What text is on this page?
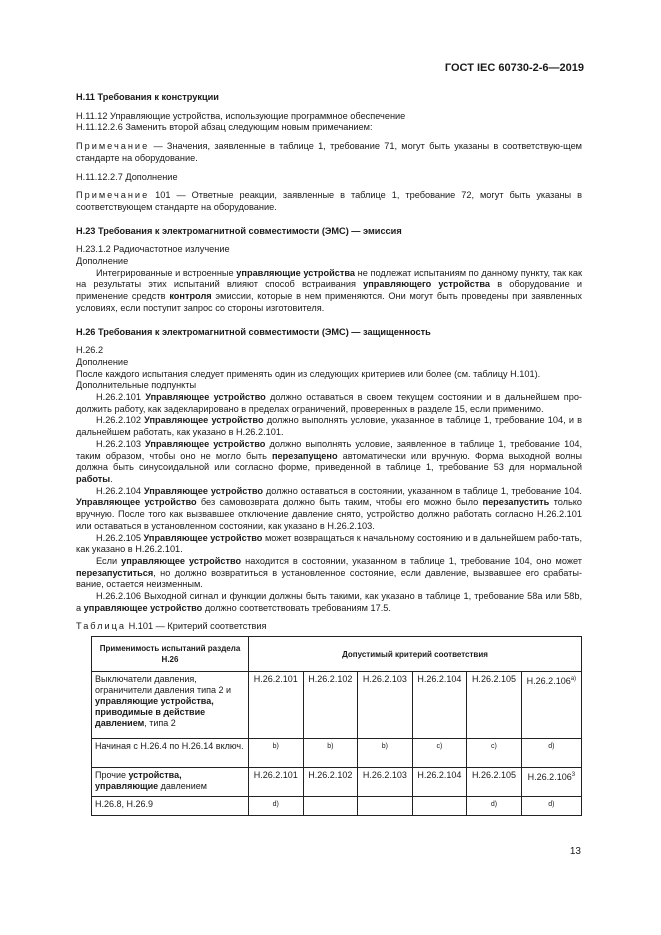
ГОСТ IEC 60730-2-6—2019

Н.11 Требования к конструкции

Н.11.12 Управляющие устройства, использующие программное обеспечение

Н.11.12.2.6 Заменить второй абзац следующим новым примечанием:

Примечание — Значения, заявленные в таблице 1, требование 71, могут быть указаны в соответствую-щем стандарте на оборудование.

Н.11.12.2.7 Дополнение

Примечание 101 — Ответные реакции, заявленные в таблице 1, требование 72, могут быть указаны в соответствующем стандарте на оборудование.

Н.23 Требования к электромагнитной совместимости (ЭМС) — эмиссия

Н.23.1.2 Радиочастотное излучение

Дополнение

Интегрированные и встроенные управляющие устройства не подлежат испытаниям по данному пункту, так как на результаты этих испытаний влияют способ встраивания управляющего устройства в оборудование и применение средств контроля эмиссии, которые в нем применяются. Они могут быть проведены при заявленных условиях, если поступит запрос со стороны изготовителя.

Н.26 Требования к электромагнитной совместимости (ЭМС) — защищенность

Н.26.2

Дополнение

После каждого испытания следует применять один из следующих критериев или более (см. таблицу Н.101).

Дополнительные подпункты

Н.26.2.101 Управляющее устройство должно оставаться в своем текущем состоянии и в дальнейшем про-должить работу, как задекларировано в пределах ограничений, проверенных в разделе 15, если применимо.

Н.26.2.102 Управляющее устройство должно выполнять условие, указанное в таблице 1, требование 104, и в дальнейшем работать, как указано в Н.26.2.101.

Н.26.2.103 Управляющее устройство должно выполнять условие, заявленное в таблице 1, требование 104, таким образом, чтобы оно не могло быть перезапущено автоматически или вручную. Форма выходной волны должна быть синусоидальной или согласно форме, приведенной в таблице 1, требование 53 для нормальной работы.

Н.26.2.104 Управляющее устройство должно оставаться в состоянии, указанном в таблице 1, требование 104. Управляющее устройство без самовозврата должно быть таким, чтобы его можно было перезапустить только вручную. После того как вызвавшее отключение давление снято, устройство должно работать согласно Н.26.2.101 или оставаться в установленном состоянии, как указано в Н.26.2.103.

Н.26.2.105 Управляющее устройство может возвращаться к начальному состоянию и в дальнейшем рабо-тать, как указано в Н.26.2.101.

Если управляющее устройство находится в состоянии, указанном в таблице 1, требование 104, оно может перезапуститься, но должно возвратиться в установленное состояние, если давление, вызвавшее его срабаты-вание, остается неизменным.

Н.26.2.106 Выходной сигнал и функции должны быть такими, как указано в таблице 1, требование 58а или 58b, а управляющее устройство должно соответствовать требованиям 17.5.

Таблица Н.101 — Критерий соответствия
Применимость испытаний раздела Н.26	Допустимый критерий соответствия					
Выключатели давления, ограничители давления типа 2 и управляющие устройства, приводимые в действие давлением, типа 2	Н.26.2.101	Н.26.2.102	Н.26.2.103	Н.26.2.104	Н.26.2.105	$Н.26.2.106^{а)}$
Начиная с Н.26.4 по Н.26.14 включ.	b)	b)	b)	c)	c)	d)
Прочие устройства, управляющие давлением	Н.26.2.101	Н.26.2.102	Н.26.2.103	Н.26.2.104	Н.26.2.105	Н.26.2.106$^3$
Н.26.8, Н.26.9	d)				d)	d)
13
